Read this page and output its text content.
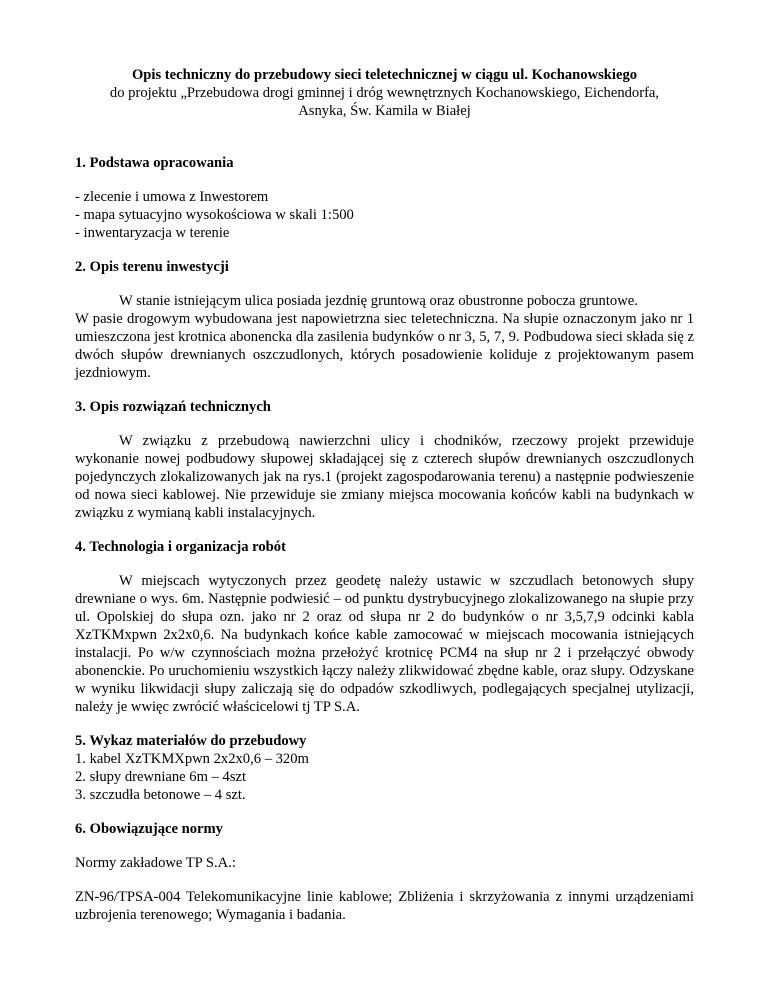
Opis techniczny do przebudowy sieci teletechnicznej w ciągu ul. Kochanowskiego
do projektu „Przebudowa drogi gminnej i dróg wewnętrznych Kochanowskiego, Eichendorfa,
Asnyka, Św. Kamila w Białej
1. Podstawa opracowania
- zlecenie i umowa z Inwestorem
- mapa sytuacyjno wysokościowa w skali 1:500
- inwentaryzacja w terenie
2. Opis terenu inwestycji

W stanie istniejącym ulica posiada jezdnię gruntową oraz obustronne pobocza gruntowe.

W pasie drogowym wybudowana jest napowietrzna siec teletechniczna. Na słupie oznaczonym jako nr 1 umieszczona jest krotnica abonencka dla zasilenia budynków o nr 3, 5, 7, 9. Podbudowa sieci składa się z dwóch słupów drewnianych oszczudlonych, których posadowienie koliduje z projektowanym pasem jezdniowym.

3. Opis rozwiązań technicznych

W związku z przebudową nawierzchni ulicy i chodników, rzeczowy projekt przewiduje wykonanie nowej podbudowy słupowej składającej się z czterech słupów drewnianych oszczudlonych pojedynczych zlokalizowanych jak na rys.1 (projekt zagospodarowania terenu) a następnie podwieszenie od nowa sieci kablowej. Nie przewiduje sie zmiany miejsca mocowania końców kabli na budynkach w związku z wymianą kabli instalacyjnych.

4. Technologia i organizacja robót

W miejscach wytyczonych przez geodetę należy ustawic w szczudlach betonowych słupy drewniane o wys. 6m. Następnie podwiesić – od punktu dystrybucyjnego zlokalizowanego na słupie przy ul. Opolskiej do słupa ozn. jako nr 2 oraz od słupa nr 2 do budynków o nr 3,5,7,9 odcinki kabla XzTKMxpwn 2x2x0,6. Na budynkach końce kable zamocować w miejscach mocowania istniejących instalacji. Po w/w czynnościach można przełożyć krotnicę PCM4 na słup nr 2 i przełączyć obwody abonenckie. Po uruchomieniu wszystkich łączy należy zlikwidować zbędne kable, oraz słupy. Odzyskane w wyniku likwidacji słupy zaliczają się do odpadów szkodliwych, podlegających specjalnej utylizacji, należy je wwięc zwrócić właścicelowi tj TP S.A.

5. Wykaz materiałów do przebudowy
1. kabel XzTKMXpwn 2x2x0,6 – 320m
2. słupy drewniane 6m – 4szt
3. szczudła betonowe – 4 szt.
6. Obowiązujące normy

Normy zakładowe TP S.A.:

ZN-96/TPSA-004 Telekomunikacyjne linie kablowe; Zbliżenia i skrzyżowania z innymi urządzeniami uzbrojenia terenowego; Wymagania i badania.
